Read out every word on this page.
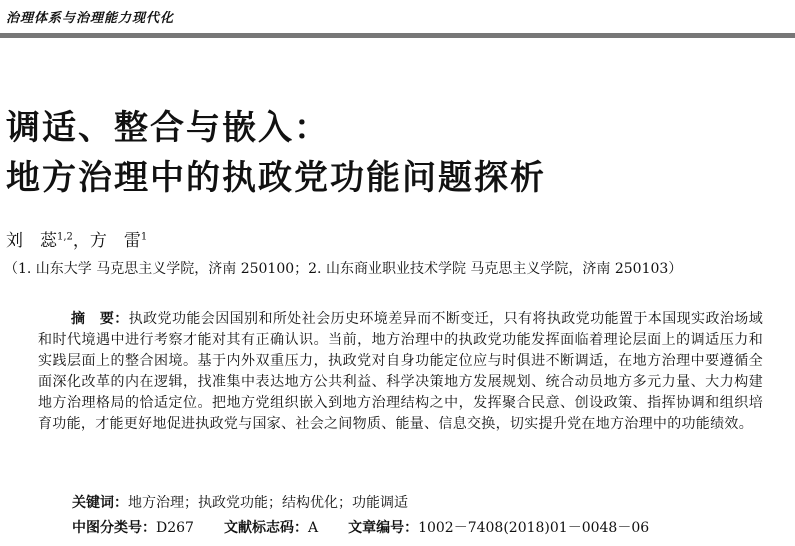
治理体系与治理能力现代化
调适、整合与嵌入：
地方治理中的执政党功能问题探析
刘　蕊$^{1,2}$，方　雷$^1$
（1. 山东大学 马克思主义学院，济南 250100；2. 山东商业职业技术学院 马克思主义学院，济南 250103）
摘　要：执政党功能会因国别和所处社会历史环境差异而不断变迁，只有将执政党功能置于本国现实政治场域和时代境遇中进行考察才能对其有正确认识。当前，地方治理中的执政党功能发挥面临着理论层面上的调适压力和实践层面上的整合困境。基于内外双重压力，执政党对自身功能定位应与时俱进不断调适，在地方治理中要遵循全面深化改革的内在逻辑，找准集中表达地方公共利益、科学决策地方发展规划、统合动员地方多元力量、大力构建地方治理格局的恰适定位。把地方党组织嵌入到地方治理结构之中，发挥聚合民意、创设政策、指挥协调和组织培育功能，才能更好地促进执政党与国家、社会之间物质、能量、信息交换，切实提升党在地方治理中的功能绩效。
关键词：地方治理；执政党功能；结构优化；功能调适
中图分类号：D267 文献标志码：A 文章编号：1002－7408(2018)01－0048－06
